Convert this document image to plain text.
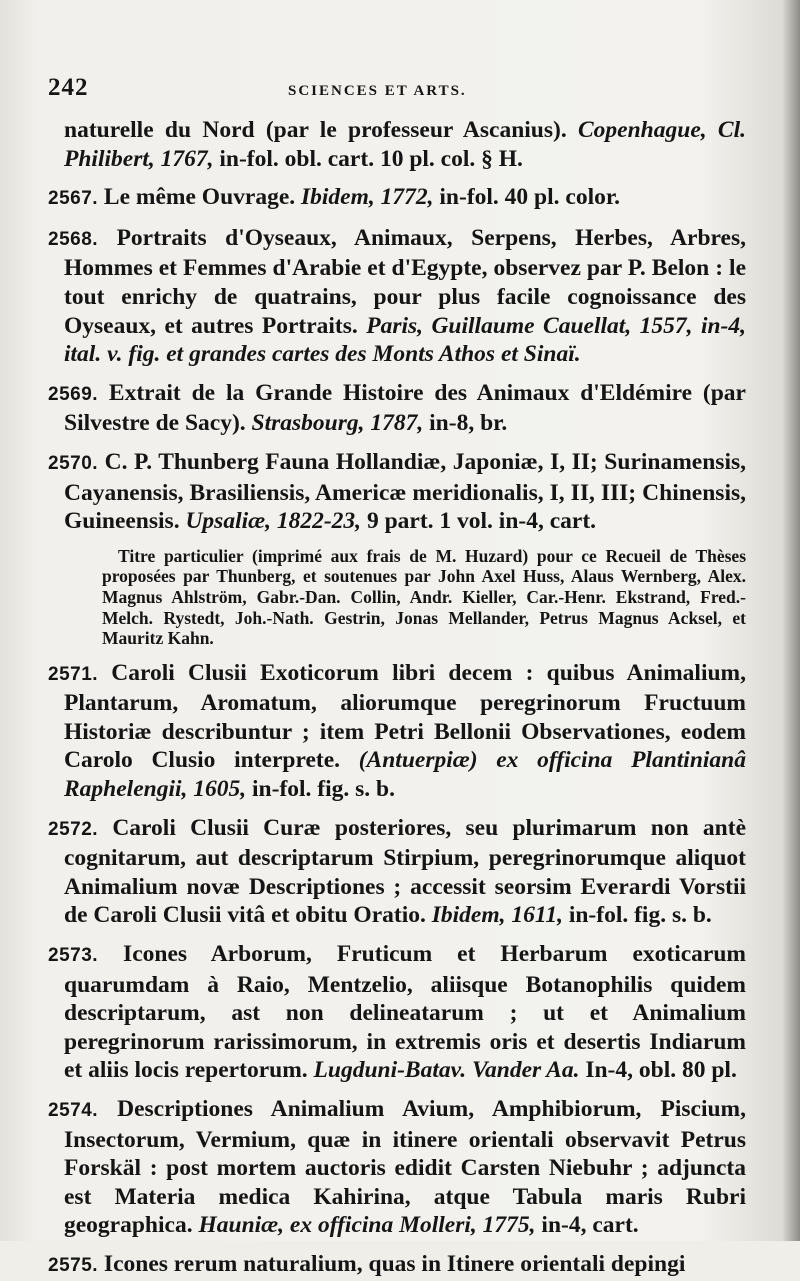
242	SCIENCES ET ARTS.

naturelle du Nord (par le professeur Ascanius). Copenhague, Cl. Philibert, 1767, in-fol. obl. cart. 10 pl. col. § H.

2567. Le même Ouvrage. Ibidem, 1772, in-fol. 40 pl. color.

2568. Portraits d'Oyseaux, Animaux, Serpens, Herbes, Arbres, Hommes et Femmes d'Arabie et d'Egypte, observez par P. Belon : le tout enrichy de quatrains, pour plus facile cognoissance des Oyseaux, et autres Portraits. Paris, Guillaume Cauellat, 1557, in-4, ital. v. fig. et grandes cartes des Monts Athos et Sinaï.

2569. Extrait de la Grande Histoire des Animaux d'Eldémire (par Silvestre de Sacy). Strasbourg, 1787, in-8, br.

2570. C. P. Thunberg Fauna Hollandiæ, Japoniæ, I, II; Surinamensis, Cayanensis, Brasiliensis, Americæ meridionalis, I, II, III; Chinensis, Guineensis. Upsaliæ, 1822-23, 9 part. 1 vol. in-4, cart.

Titre particulier (imprimé aux frais de M. Huzard) pour ce Recueil de Thèses proposées par Thunberg, et soutenues par John Axel Huss, Alaus Wernberg, Alex. Magnus Ahlström, Gabr.-Dan. Collin, Andr. Kieller, Car.-Henr. Ekstrand, Fred.-Melch. Rystedt, Joh.-Nath. Gestrin, Jonas Mellander, Petrus Magnus Acksel, et Mauritz Kahn.

2571. Caroli Clusii Exoticorum libri decem : quibus Animalium, Plantarum, Aromatum, aliorumque peregrinorum Fructuum Historiæ describuntur ; item Petri Bellonii Observationes, eodem Carolo Clusio interprete. (Antuerpiæ) ex officina Plantinianâ Raphelengii, 1605, in-fol. fig. s. b.

2572. Caroli Clusii Curæ posteriores, seu plurimarum non antè cognitarum, aut descriptarum Stirpium, peregrinorumque aliquot Animalium novæ Descriptiones ; accessit seorsim Everardi Vorstii de Caroli Clusii vitâ et obitu Oratio. Ibidem, 1611, in-fol. fig. s. b.

2573. Icones Arborum, Fruticum et Herbarum exoticarum quarumdam à Raio, Mentzelio, aliisque Botanophilis quidem descriptarum, ast non delineatarum ; ut et Animalium peregrinorum rarissimorum, in extremis oris et desertis Indiarum et aliis locis repertorum. Lugduni-Batav. Vander Aa. In-4, obl. 80 pl.

2574. Descriptiones Animalium Avium, Amphibiorum, Piscium, Insectorum, Vermium, quæ in itinere orientali observavit Petrus Forskäl : post mortem auctoris edidit Carsten Niebuhr ; adjuncta est Materia medica Kahirina, atque Tabula maris Rubri geographica. Hauniæ, ex officina Molleri, 1775, in-4, cart.

2575. Icones rerum naturalium, quas in Itinere orientali depingi
